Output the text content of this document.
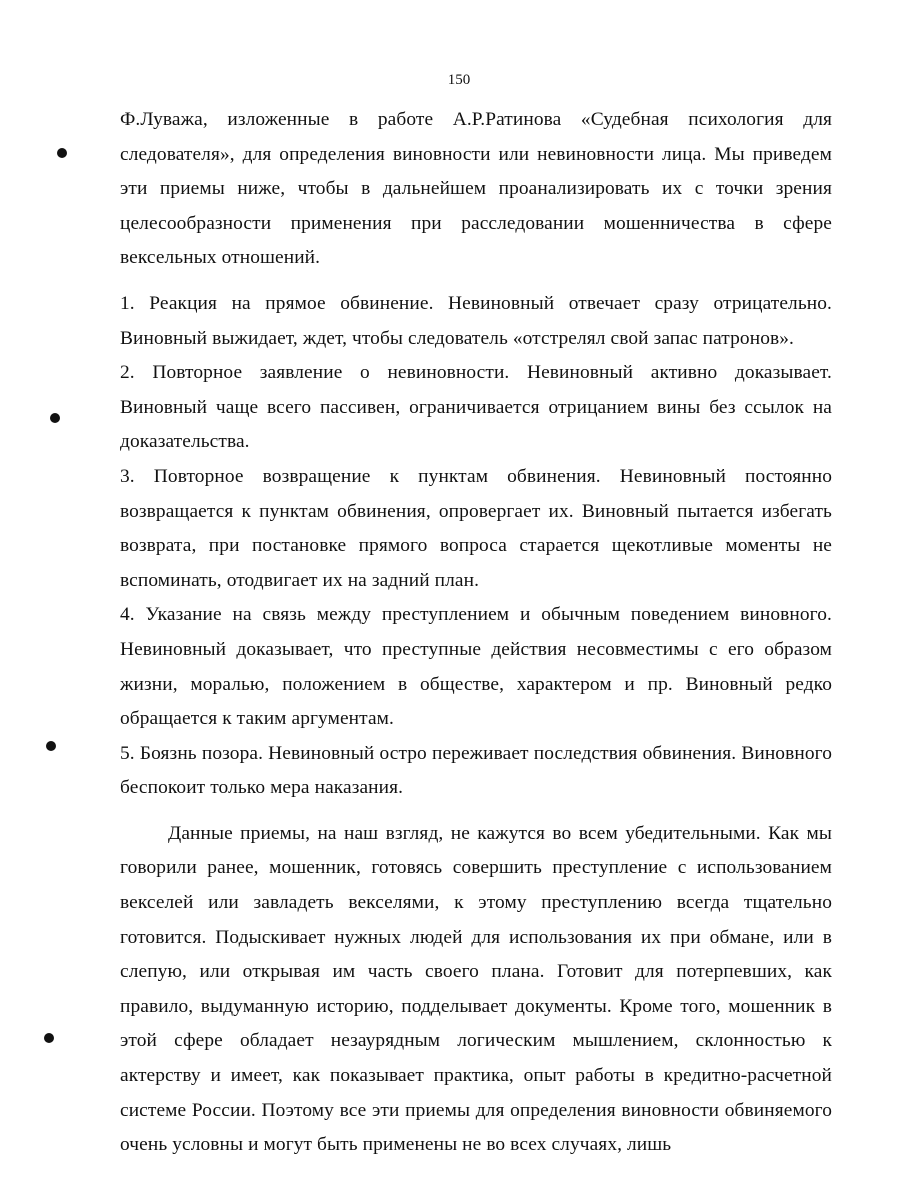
150

Ф.Луважа, изложенные в работе А.Р.Ратинова «Судебная психология для следователя», для определения виновности или невиновности лица. Мы приведем эти приемы ниже, чтобы в дальнейшем проанализировать их с точки зрения целесообразности применения при расследовании мошенничества в сфере вексельных отношений.

1. Реакция на прямое обвинение. Невиновный отвечает сразу отрицательно. Виновный выжидает, ждет, чтобы следователь «отстрелял свой запас патронов».

2. Повторное заявление о невиновности. Невиновный активно доказывает. Виновный чаще всего пассивен, ограничивается отрицанием вины без ссылок на доказательства.

3. Повторное возвращение к пунктам обвинения. Невиновный постоянно возвращается к пунктам обвинения, опровергает их. Виновный пытается избегать возврата, при постановке прямого вопроса старается щекотливые моменты не вспоминать, отодвигает их на задний план.

4. Указание на связь между преступлением и обычным поведением виновного. Невиновный доказывает, что преступные действия несовместимы с его образом жизни, моралью, положением в обществе, характером и пр. Виновный редко обращается к таким аргументам.

5. Боязнь позора. Невиновный остро переживает последствия обвинения. Виновного беспокоит только мера наказания.

Данные приемы, на наш взгляд, не кажутся во всем убедительными. Как мы говорили ранее, мошенник, готовясь совершить преступление с использованием векселей или завладеть векселями, к этому преступлению всегда тщательно готовится. Подыскивает нужных людей для использования их при обмане, или в слепую, или открывая им часть своего плана. Готовит для потерпевших, как правило, выдуманную историю, подделывает документы. Кроме того, мошенник в этой сфере обладает незаурядным логическим мышлением, склонностью к актерству и имеет, как показывает практика, опыт работы в кредитно-расчетной системе России. Поэтому все эти приемы для определения виновности обвиняемого очень условны и могут быть применены не во всех случаях, лишь
